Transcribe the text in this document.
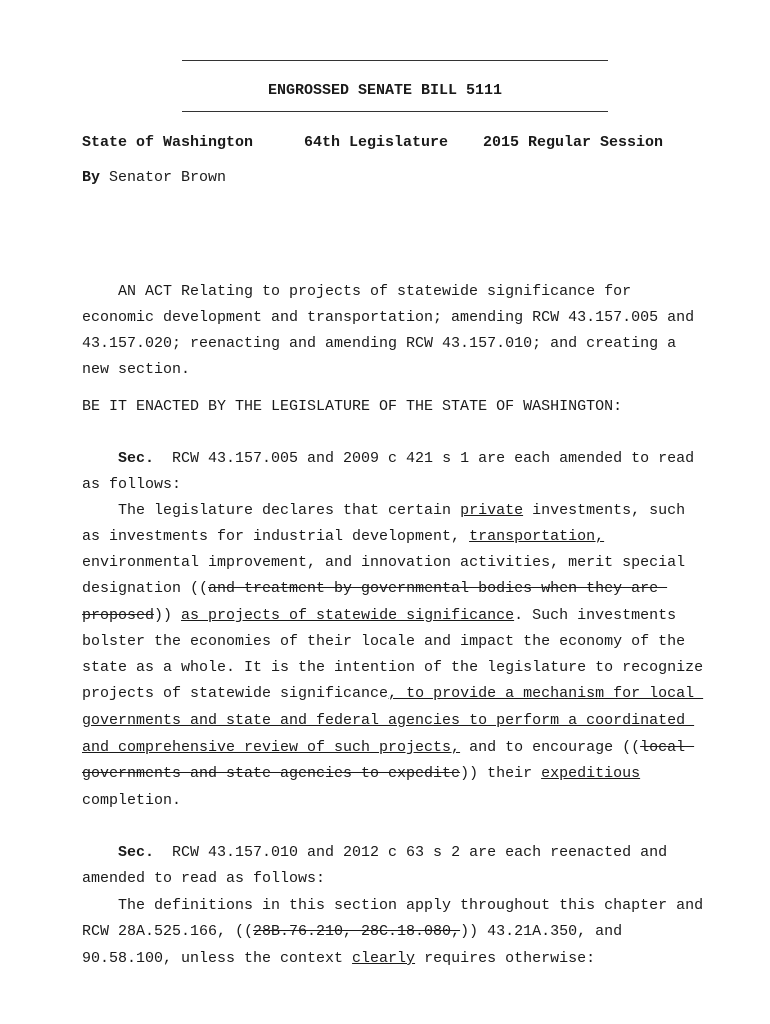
ENGROSSED SENATE BILL 5111
State of Washington	64th Legislature 2015 Regular Session
By Senator Brown
AN ACT Relating to projects of statewide significance for
economic development and transportation; amending RCW 43.157.005 and
43.157.020; reenacting and amending RCW 43.157.010; and creating a
new section.
BE IT ENACTED BY THE LEGISLATURE OF THE STATE OF WASHINGTON:
Sec.  RCW 43.157.005 and 2009 c 421 s 1 are each amended to read
as follows:
The legislature declares that certain private investments, such
as investments for industrial development, transportation,
environmental improvement, and innovation activities, merit special
designation ((and treatment by governmental bodies when they are
proposed)) as projects of statewide significance. Such investments
bolster the economies of their locale and impact the economy of the
state as a whole. It is the intention of the legislature to recognize
projects of statewide significance, to provide a mechanism for local
governments and state and federal agencies to perform a coordinated
and comprehensive review of such projects, and to encourage ((local
governments and state agencies to expedite)) their expeditious
completion.
Sec.  RCW 43.157.010 and 2012 c 63 s 2 are each reenacted and
amended to read as follows:
The definitions in this section apply throughout this chapter and
RCW 28A.525.166, ((28B.76.210, 28C.18.080,)) 43.21A.350, and
90.58.100, unless the context clearly requires otherwise:
